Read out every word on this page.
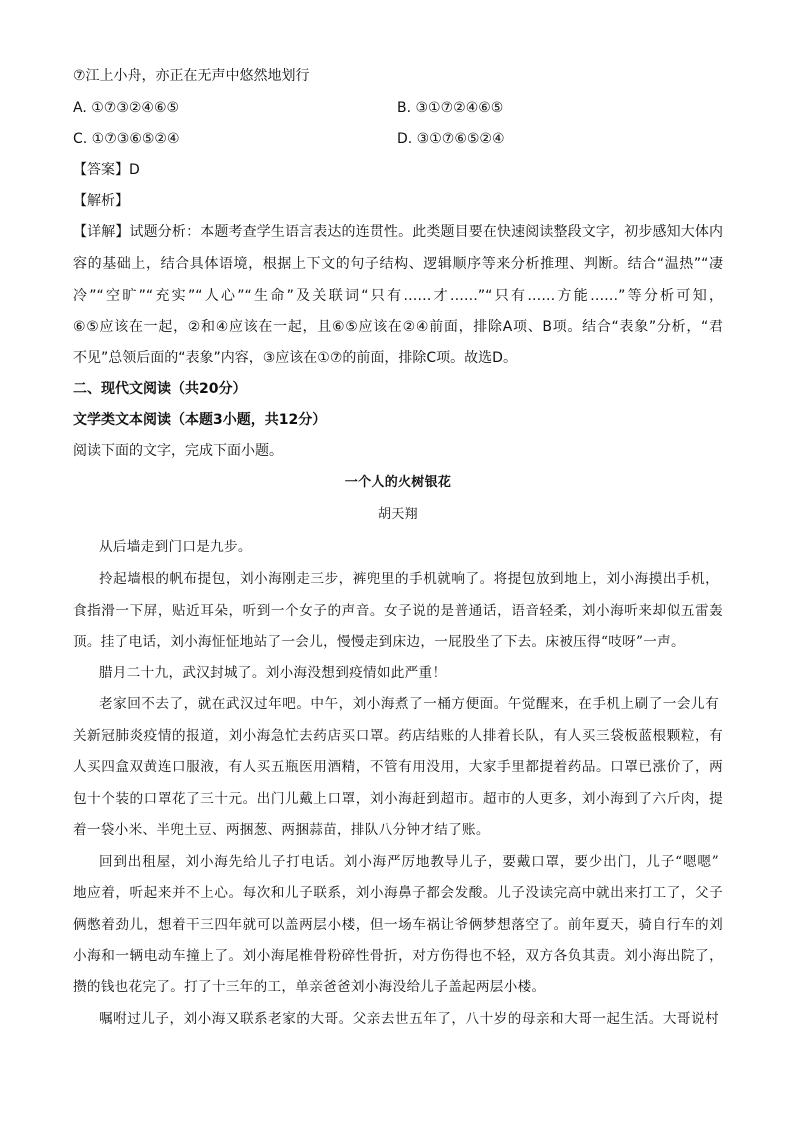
⑦江上小舟，亦正在无声中悠然地划行
A. ①⑦③②④⑥⑤	B. ③①⑦②④⑥⑤
C. ①⑦③⑥⑤②④	D. ③①⑦⑥⑤②④
【答案】D
【解析】
【详解】试题分析：本题考查学生语言表达的连贯性。此类题目要在快速阅读整段文字，初步感知大体内
容的基础上，结合具体语境，根据上下文的句子结构、逻辑顺序等来分析推理、判断。结合“温热”“凄
冷”“空旷”“充实”“人心”“生命”及关联词“只有……才……”“只有……方能……”等分析可知，
⑥⑤应该在一起，②和④应该在一起，且⑥⑤应该在②④前面，排除A项、B项。结合“表象”分析，“君
不见”总领后面的“表象”内容，③应该在①⑦的前面，排除C项。故选D。
二、现代文阅读（共20分）
文学类文本阅读（本题3小题，共12分）
阅读下面的文字，完成下面小题。
一个人的火树银花
胡天翔
从后墙走到门口是九步。
拎起墙根的帆布提包，刘小海刚走三步，裤兜里的手机就响了。将提包放到地上，刘小海摸出手机，
食指滑一下屏，贴近耳朵，听到一个女子的声音。女子说的是普通话，语音轻柔，刘小海听来却似五雷轰
顶。挂了电话，刘小海怔怔地站了一会儿，慢慢走到床边，一屁股坐了下去。床被压得“吱呀”一声。
腊月二十九，武汉封城了。刘小海没想到疫情如此严重！
老家回不去了，就在武汉过年吧。中午，刘小海煮了一桶方便面。午觉醒来，在手机上刷了一会儿有
关新冠肺炎疫情的报道，刘小海急忙去药店买口罩。药店结账的人排着长队，有人买三袋板蓝根颗粒，有
人买四盒双黄连口服液，有人买五瓶医用酒精，不管有用没用，大家手里都提着药品。口罩已涨价了，两
包十个装的口罩花了三十元。出门儿戴上口罩，刘小海赶到超市。超市的人更多，刘小海到了六斤肉，提
着一袋小米、半兜土豆、两捆葱、两捆蒜苗，排队八分钟才结了账。
回到出租屋，刘小海先给儿子打电话。刘小海严厉地教导儿子，要戴口罩，要少出门，儿子“嗯嗯”
地应着，听起来并不上心。每次和儿子联系，刘小海鼻子都会发酸。儿子没读完高中就出来打工了，父子
俩憋着劲儿，想着干三四年就可以盖两层小楼，但一场车祸让爷俩梦想落空了。前年夏天，骑自行车的刘
小海和一辆电动车撞上了。刘小海尾椎骨粉碎性骨折，对方伤得也不轻，双方各负其责。刘小海出院了，
攒的钱也花完了。打了十三年的工，单亲爸爸刘小海没给儿子盖起两层小楼。
嘱咐过儿子，刘小海又联系老家的大哥。父亲去世五年了，八十岁的母亲和大哥一起生活。大哥说村
